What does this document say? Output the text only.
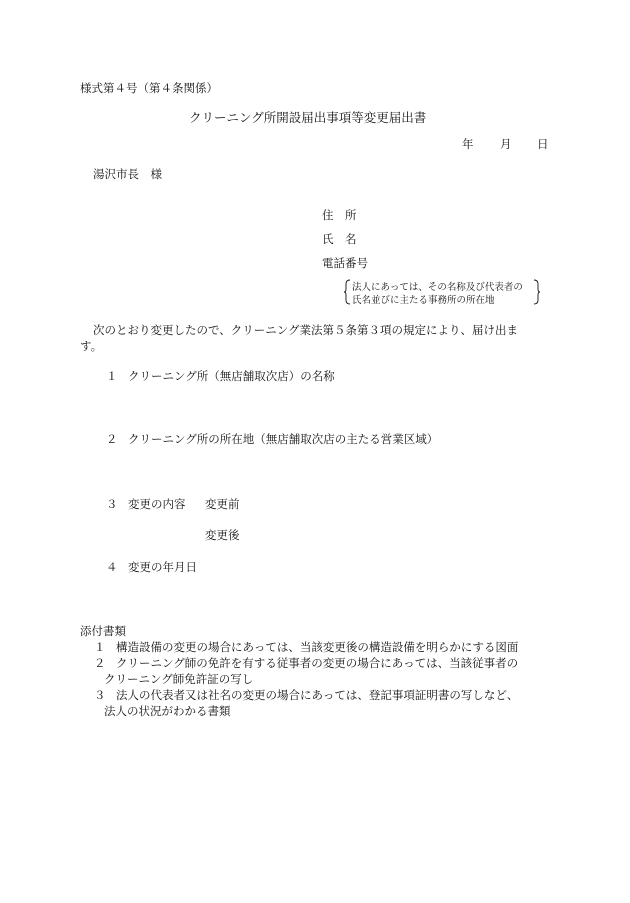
様式第４号（第４条関係）
クリーニング所開設届出事項等変更届出書
年 月 日
湯沢市長　様
住　所
氏　名
電話番号
法人にあっては、その名称及び代表者の
氏名並びに主たる事務所の所在地
次のとおり変更したので、クリーニング業法第５条第３項の規定により、届け出ま
す。
１ クリーニング所（無店舗取次店）の名称
２ クリーニング所の所在地（無店舗取次店の主たる営業区域）
３ 変更の内容 変更前
変更後
４ 変更の年月日
添付書類
１ 構造設備の変更の場合にあっては、当該変更後の構造設備を明らかにする図面
２ クリーニング師の免許を有する従事者の変更の場合にあっては、当該従事者の
クリーニング師免許証の写し
３ 法人の代表者又は社名の変更の場合にあっては、登記事項証明書の写しなど、
法人の状況がわかる書類
